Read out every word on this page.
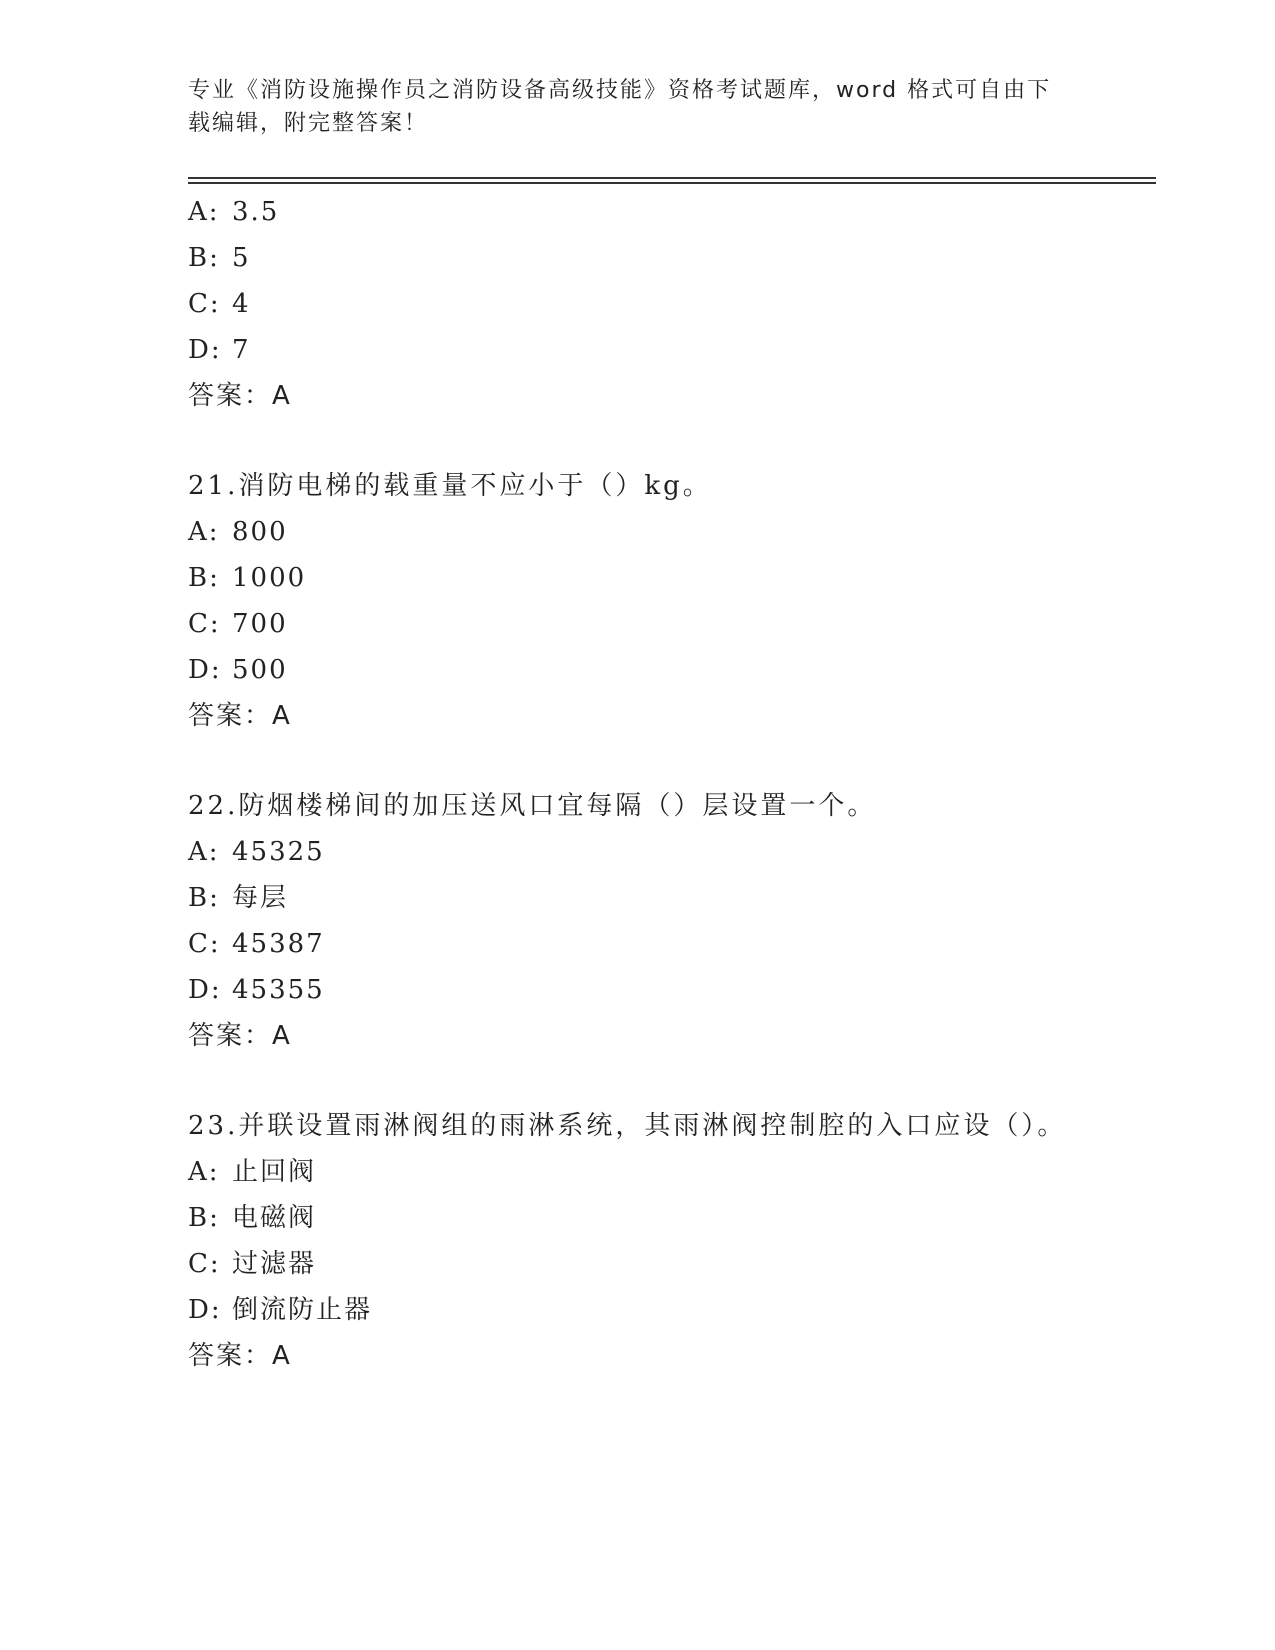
专业《消防设施操作员之消防设备高级技能》资格考试题库，word 格式可自由下
载编辑，附完整答案！
A: 3.5
B: 5
C: 4
D: 7
答案：A
21.消防电梯的载重量不应小于（）kg。
A: 800
B: 1000
C: 700
D: 500
答案：A
22.防烟楼梯间的加压送风口宜每隔（）层设置一个。
A: 45325
B: 每层
C: 45387
D: 45355
答案：A
23.并联设置雨淋阀组的雨淋系统，其雨淋阀控制腔的入口应设（）。
A: 止回阀
B: 电磁阀
C: 过滤器
D: 倒流防止器
答案：A
